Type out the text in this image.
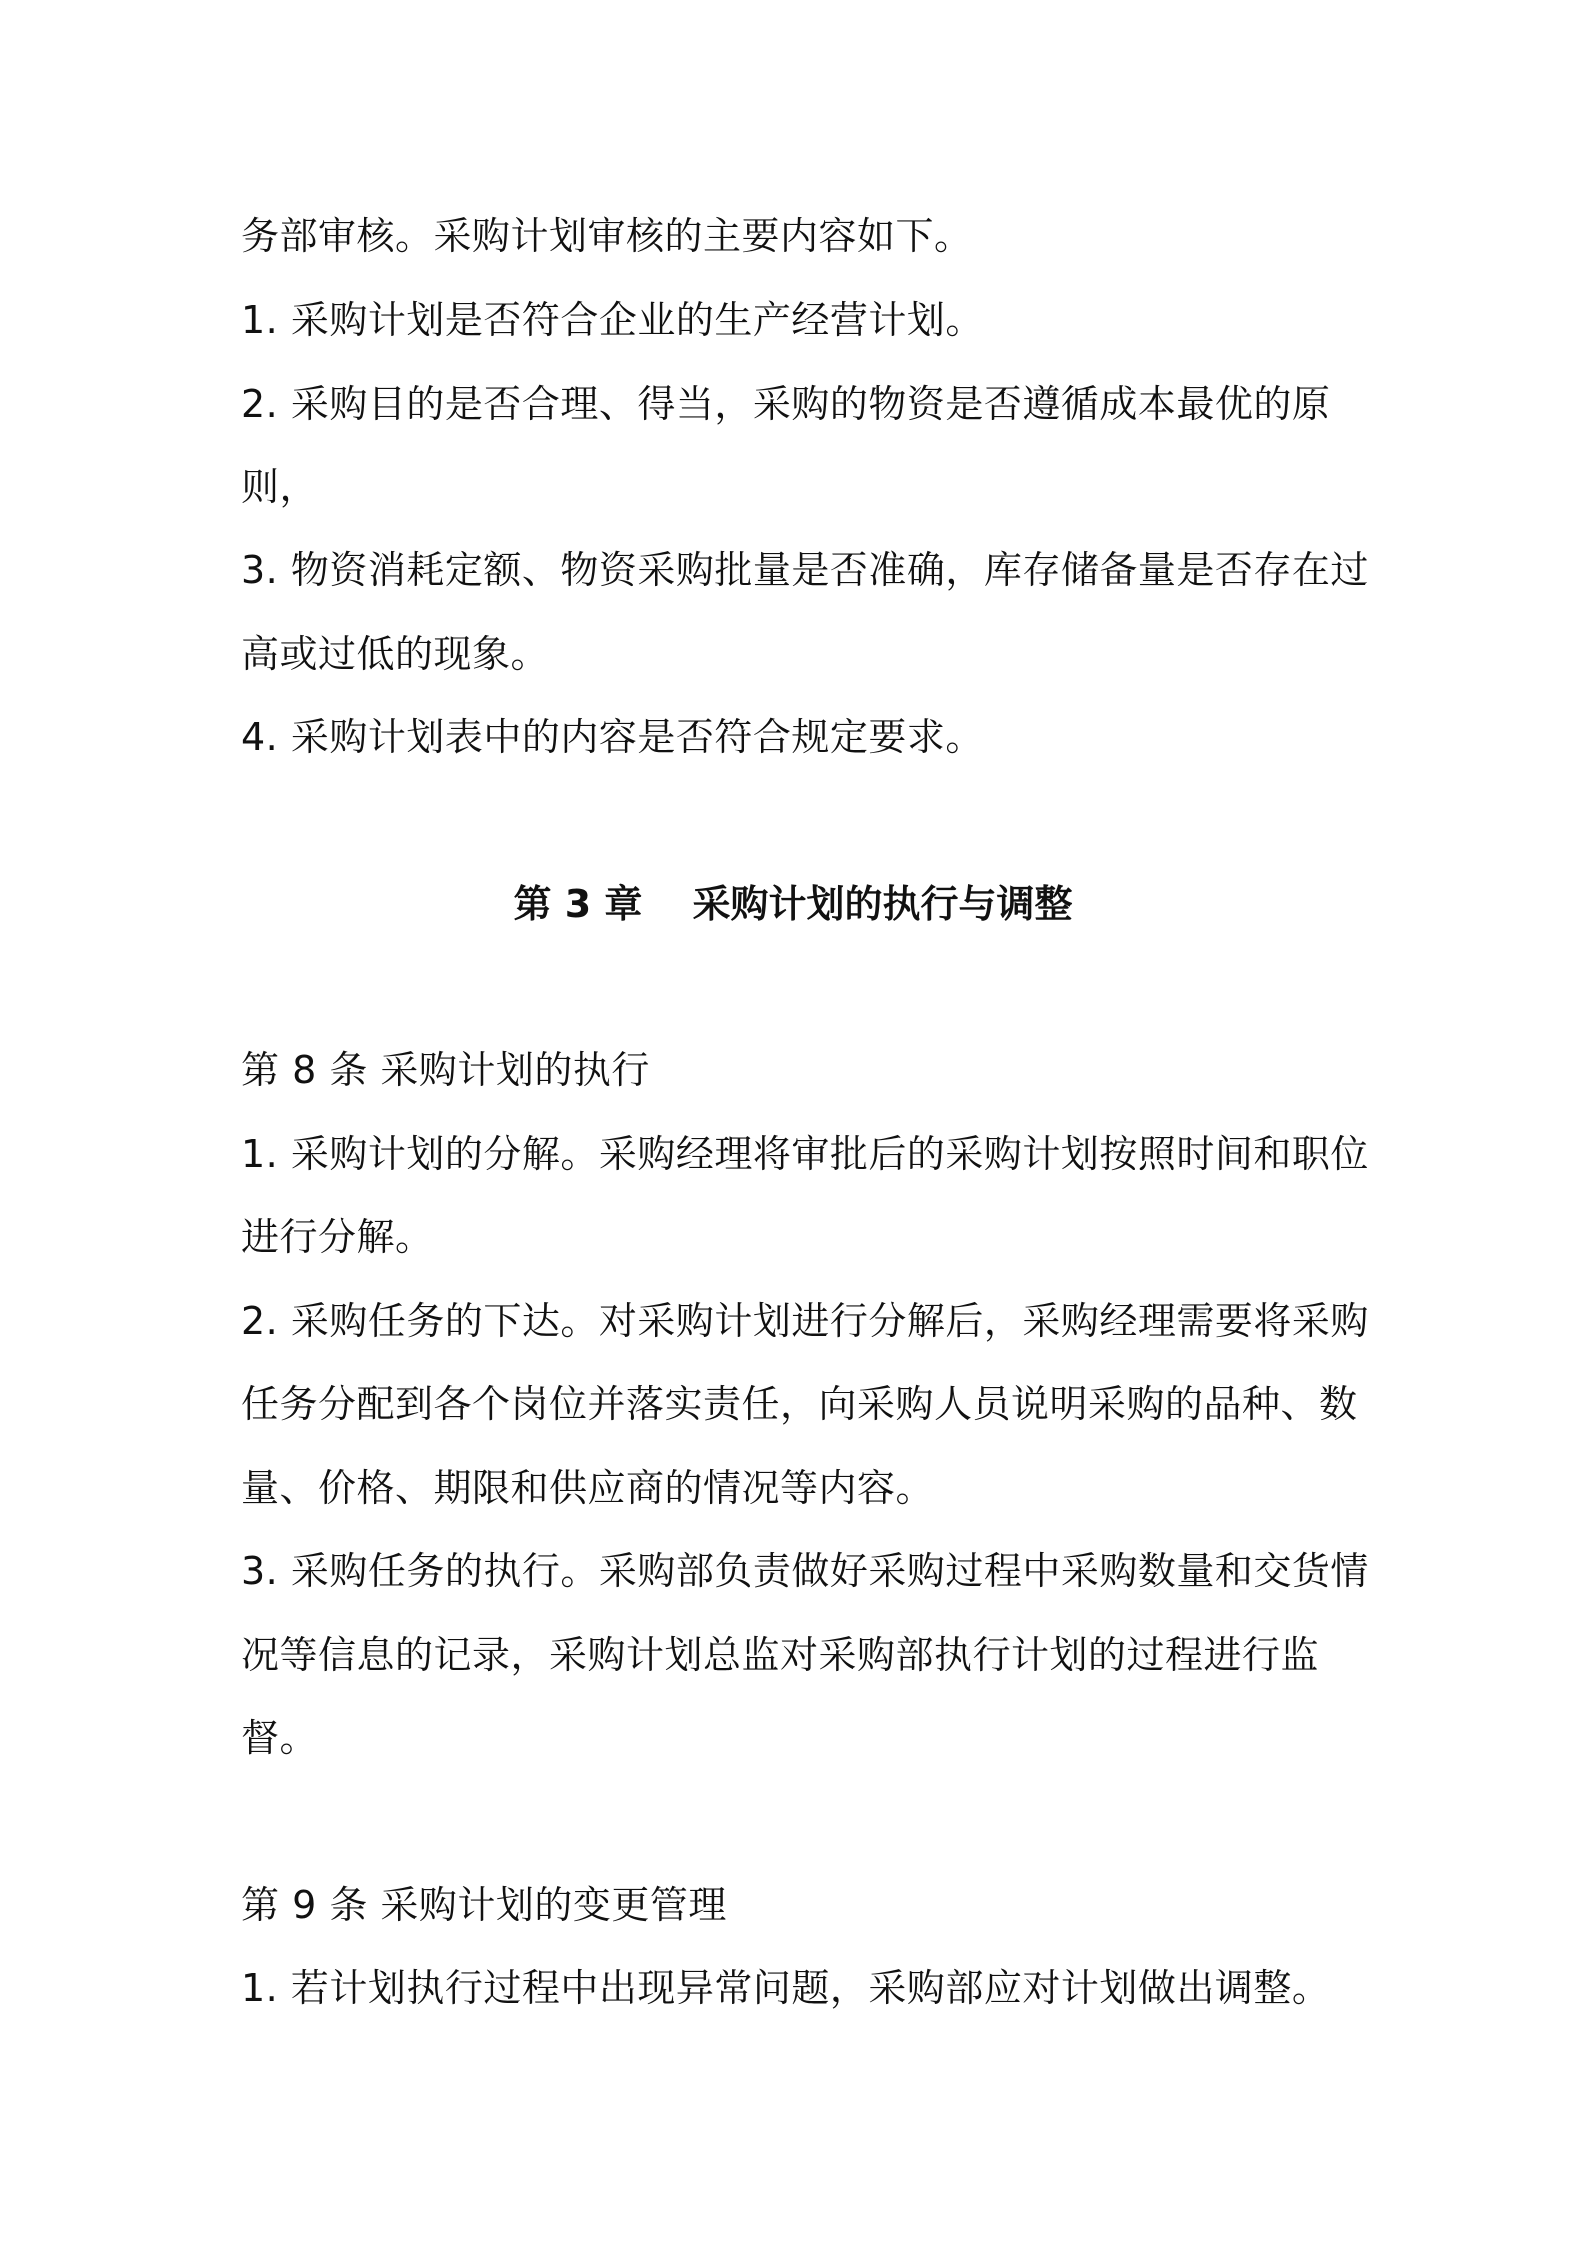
务部审核。采购计划审核的主要内容如下。
1. 采购计划是否符合企业的生产经营计划。
2. 采购目的是否合理、得当，采购的物资是否遵循成本最优的原
则，
3. 物资消耗定额、物资采购批量是否准确，库存储备量是否存在过
高或过低的现象。
4. 采购计划表中的内容是否符合规定要求。
第 3 章 采购计划的执行与调整
第 8 条 采购计划的执行
1. 采购计划的分解。采购经理将审批后的采购计划按照时间和职位
进行分解。
2. 采购任务的下达。对采购计划进行分解后，采购经理需要将采购
任务分配到各个岗位并落实责任，向采购人员说明采购的品种、数
量、价格、期限和供应商的情况等内容。
3. 采购任务的执行。采购部负责做好采购过程中采购数量和交货情
况等信息的记录，采购计划总监对采购部执行计划的过程进行监
督。
第 9 条 采购计划的变更管理
1. 若计划执行过程中出现异常问题，采购部应对计划做出调整。
